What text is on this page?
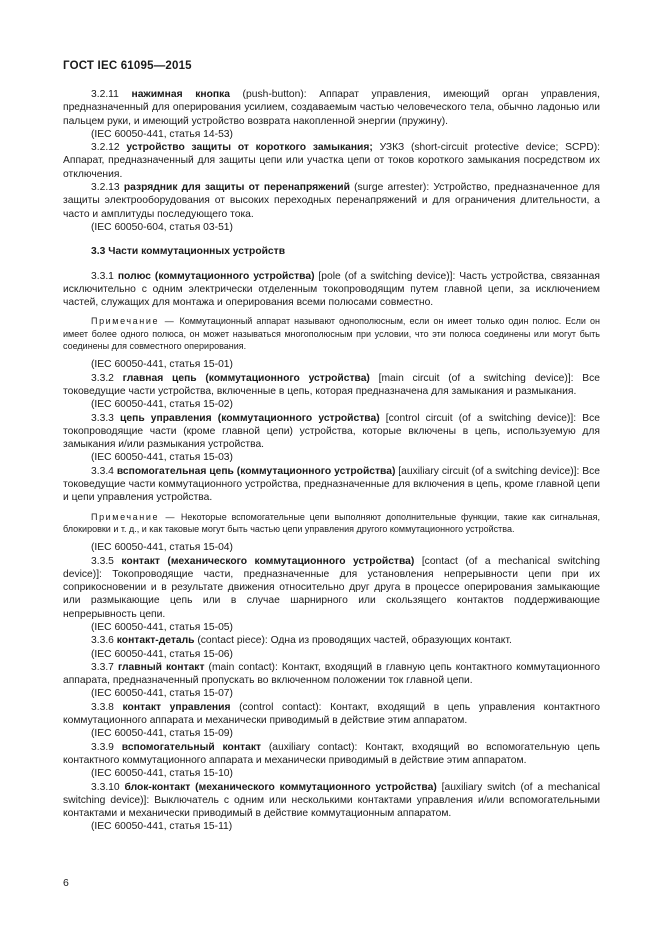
ГОСТ IEC 61095—2015

3.2.11 нажимная кнопка (push-button): Аппарат управления, имеющий орган управления, предназначенный для оперирования усилием, создаваемым частью человеческого тела, обычно ладонью или пальцем руки, и имеющий устройство возврата накопленной энергии (пружину).

(IEC 60050-441, статья 14-53)

3.2.12 устройство защиты от короткого замыкания; УЗКЗ (short-circuit protective device; SCPD): Аппарат, предназначенный для защиты цепи или участка цепи от токов короткого замыкания посредством их отключения.

3.2.13 разрядник для защиты от перенапряжений (surge arrester): Устройство, предназначенное для защиты электрооборудования от высоких переходных перенапряжений и для ограничения длительности, а часто и амплитуды последующего тока.

(IEC 60050-604, статья 03-51)

3.3 Части коммутационных устройств

3.3.1 полюс (коммутационного устройства) [pole (of a switching device)]: Часть устройства, связанная исключительно с одним электрически отделенным токопроводящим путем главной цепи, за исключением частей, служащих для монтажа и оперирования всеми полюсами совместно.

Примечание — Коммутационный аппарат называют однополюсным, если он имеет только один полюс. Если он имеет более одного полюса, он может называться многополюсным при условии, что эти полюса соединены или могут быть соединены для совместного оперирования.

(IEC 60050-441, статья 15-01)

3.3.2 главная цепь (коммутационного устройства) [main circuit (of a switching device)]: Все токоведущие части устройства, включенные в цепь, которая предназначена для замыкания и размыкания.

(IEC 60050-441, статья 15-02)

3.3.3 цепь управления (коммутационного устройства) [control circuit (of a switching device)]: Все токопроводящие части (кроме главной цепи) устройства, которые включены в цепь, используемую для замыкания и/или размыкания устройства.

(IEC 60050-441, статья 15-03)

3.3.4 вспомогательная цепь (коммутационного устройства) [auxiliary circuit (of a switching device)]: Все токоведущие части коммутационного устройства, предназначенные для включения в цепь, кроме главной цепи и цепи управления устройства.

Примечание — Некоторые вспомогательные цепи выполняют дополнительные функции, такие как сигнальная, блокировки и т. д., и как таковые могут быть частью цепи управления другого коммутационного устройства.

(IEC 60050-441, статья 15-04)

3.3.5 контакт (механического коммутационного устройства) [contact (of a mechanical switching device)]: Токопроводящие части, предназначенные для установления непрерывности цепи при их соприкосновении и в результате движения относительно друг друга в процессе оперирования замыкающие или размыкающие цепь или в случае шарнирного или скользящего контактов поддерживающие непрерывность цепи.

(IEC 60050-441, статья 15-05)

3.3.6 контакт-деталь (contact piece): Одна из проводящих частей, образующих контакт.

(IEC 60050-441, статья 15-06)

3.3.7 главный контакт (main contact): Контакт, входящий в главную цепь контактного коммутационного аппарата, предназначенный пропускать во включенном положении ток главной цепи.

(IEC 60050-441, статья 15-07)

3.3.8 контакт управления (control contact): Контакт, входящий в цепь управления контактного коммутационного аппарата и механически приводимый в действие этим аппаратом.

(IEC 60050-441, статья 15-09)

3.3.9 вспомогательный контакт (auxiliary contact): Контакт, входящий во вспомогательную цепь контактного коммутационного аппарата и механически приводимый в действие этим аппаратом.

(IEC 60050-441, статья 15-10)

3.3.10 блок-контакт (механического коммутационного устройства) [auxiliary switch (of a mechanical switching device)]: Выключатель с одним или несколькими контактами управления и/или вспомогательными контактами и механически приводимый в действие коммутационным аппаратом.

(IEC 60050-441, статья 15-11)

6
